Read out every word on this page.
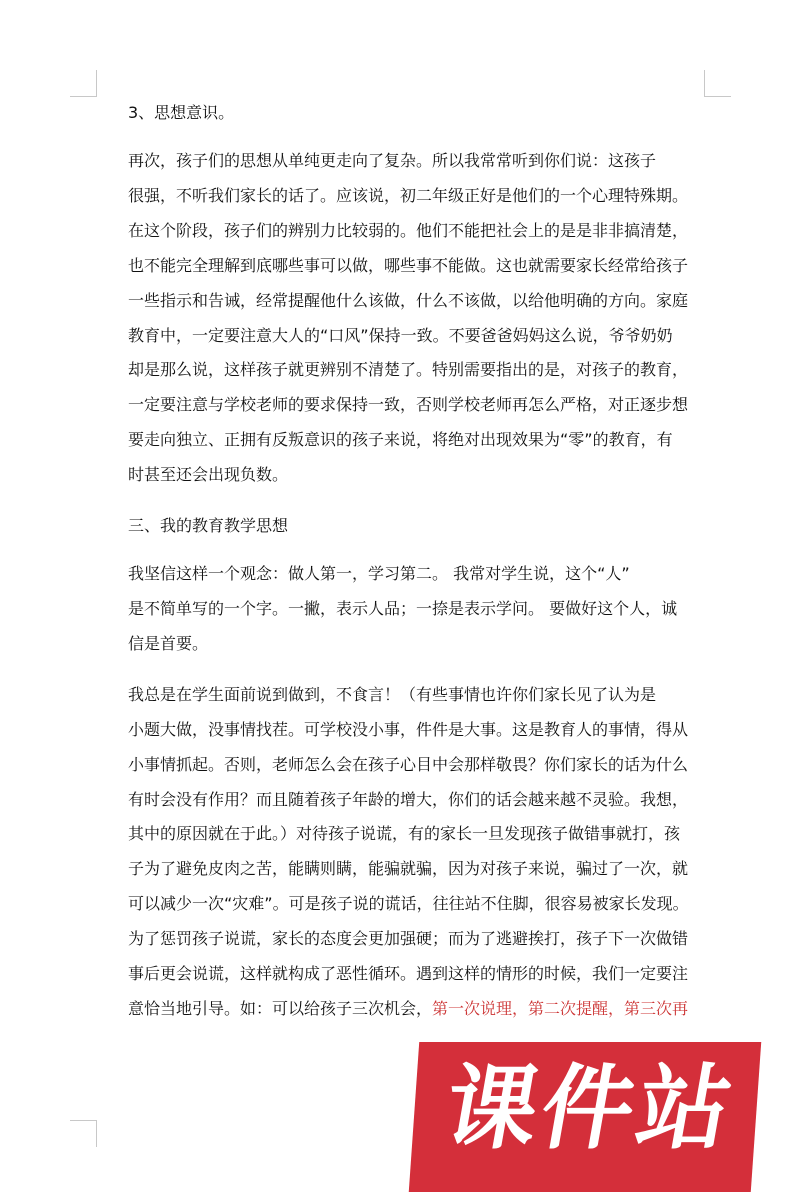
3、思想意识。
再次，孩子们的思想从单纯更走向了复杂。所以我常常听到你们说：这孩子
很强，不听我们家长的话了。应该说，初二年级正好是他们的一个心理特殊期。
在这个阶段，孩子们的辨别力比较弱的。他们不能把社会上的是是非非搞清楚，
也不能完全理解到底哪些事可以做，哪些事不能做。这也就需要家长经常给孩子
一些指示和告诫，经常提醒他什么该做，什么不该做，以给他明确的方向。家庭
教育中，一定要注意大人的“口风”保持一致。不要爸爸妈妈这么说，爷爷奶奶
却是那么说，这样孩子就更辨别不清楚了。特别需要指出的是，对孩子的教育，
一定要注意与学校老师的要求保持一致，否则学校老师再怎么严格，对正逐步想
要走向独立、正拥有反叛意识的孩子来说，将绝对出现效果为“零”的教育，有
时甚至还会出现负数。
三、我的教育教学思想
我坚信这样一个观念：做人第一，学习第二。 我常对学生说，这个“人”
是不简单写的一个字。一撇，表示人品；一捺是表示学问。 要做好这个人，诚
信是首要。
我总是在学生面前说到做到，不食言！（有些事情也许你们家长见了认为是
小题大做，没事情找茬。可学校没小事，件件是大事。这是教育人的事情，得从
小事情抓起。否则，老师怎么会在孩子心目中会那样敬畏？你们家长的话为什么
有时会没有作用？而且随着孩子年龄的增大，你们的话会越来越不灵验。我想，
其中的原因就在于此。）对待孩子说谎，有的家长一旦发现孩子做错事就打，孩
子为了避免皮肉之苦，能瞒则瞒，能骗就骗，因为对孩子来说，骗过了一次，就
可以减少一次“灾难”。可是孩子说的谎话，往往站不住脚，很容易被家长发现。
为了惩罚孩子说谎，家长的态度会更加强硬；而为了逃避挨打，孩子下一次做错
事后更会说谎，这样就构成了恶性循环。遇到这样的情形的时候，我们一定要注
意恰当地引导。如：可以给孩子三次机会，第一次说理，第二次提醒，第三次再
课件站
